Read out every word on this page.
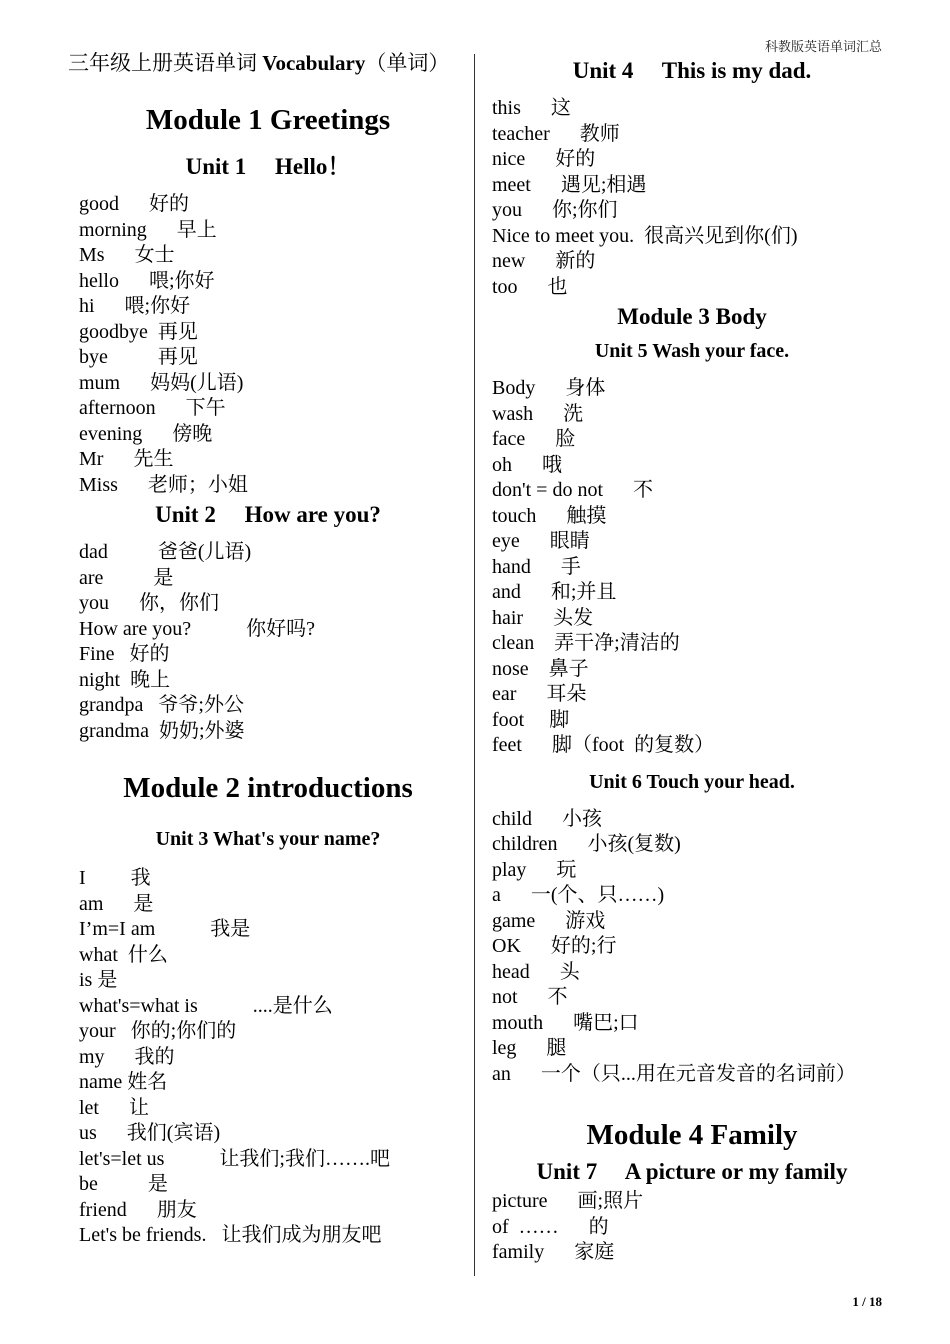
科教版英语单词汇总

三年级上册英语单词 Vocabulary（单词）

Module 1 Greetings

Unit 1     Hello！

good      好的
morning      早上
Ms      女士
hello      喂;你好
hi      喂;你好
goodbye  再见
bye          再见
mum      妈妈(儿语)
afternoon      下午
evening      傍晚
Mr      先生
Miss      老师；小姐

Unit 2     How are you?

dad          爸爸(儿语)
are          是
you      你，你们
How are you?           你好吗?
Fine   好的
night  晚上
grandpa   爷爷;外公
grandma  奶奶;外婆

Module 2 introductions

Unit 3 What's your name?

I         我
am      是
I’m=I am           我是
what  什么
is 是
what's=what is           ....是什么
your   你的;你们的
my      我的
name 姓名
let      让
us      我们(宾语)
let's=let us           让我们;我们…….吧
be          是
friend      朋友
Let's be friends.   让我们成为朋友吧

Unit 4     This is my dad.

this      这
teacher      教师
nice      好的
meet      遇见;相遇
you      你;你们
Nice to meet you.  很高兴见到你(们)
new      新的
too      也

Module 3 Body

Unit 5 Wash your face.

Body      身体
wash      洗
face      脸
oh      哦
don't = do not      不
touch      触摸
eye      眼睛
hand      手
and      和;并且
hair      头发
clean    弄干净;清洁的
nose    鼻子
ear      耳朵
foot     脚
feet      脚（foot  的复数）

Unit 6 Touch your head.

child      小孩
children      小孩(复数)
play      玩
a      一(个、只……)
game      游戏
OK      好的;行
head      头
not      不
mouth      嘴巴;口
leg      腿
an      一个（只...用在元音发音的名词前）

Module 4 Family

Unit 7     A picture or my family

picture      画;照片
of  ……      的
family      家庭
1 / 18
